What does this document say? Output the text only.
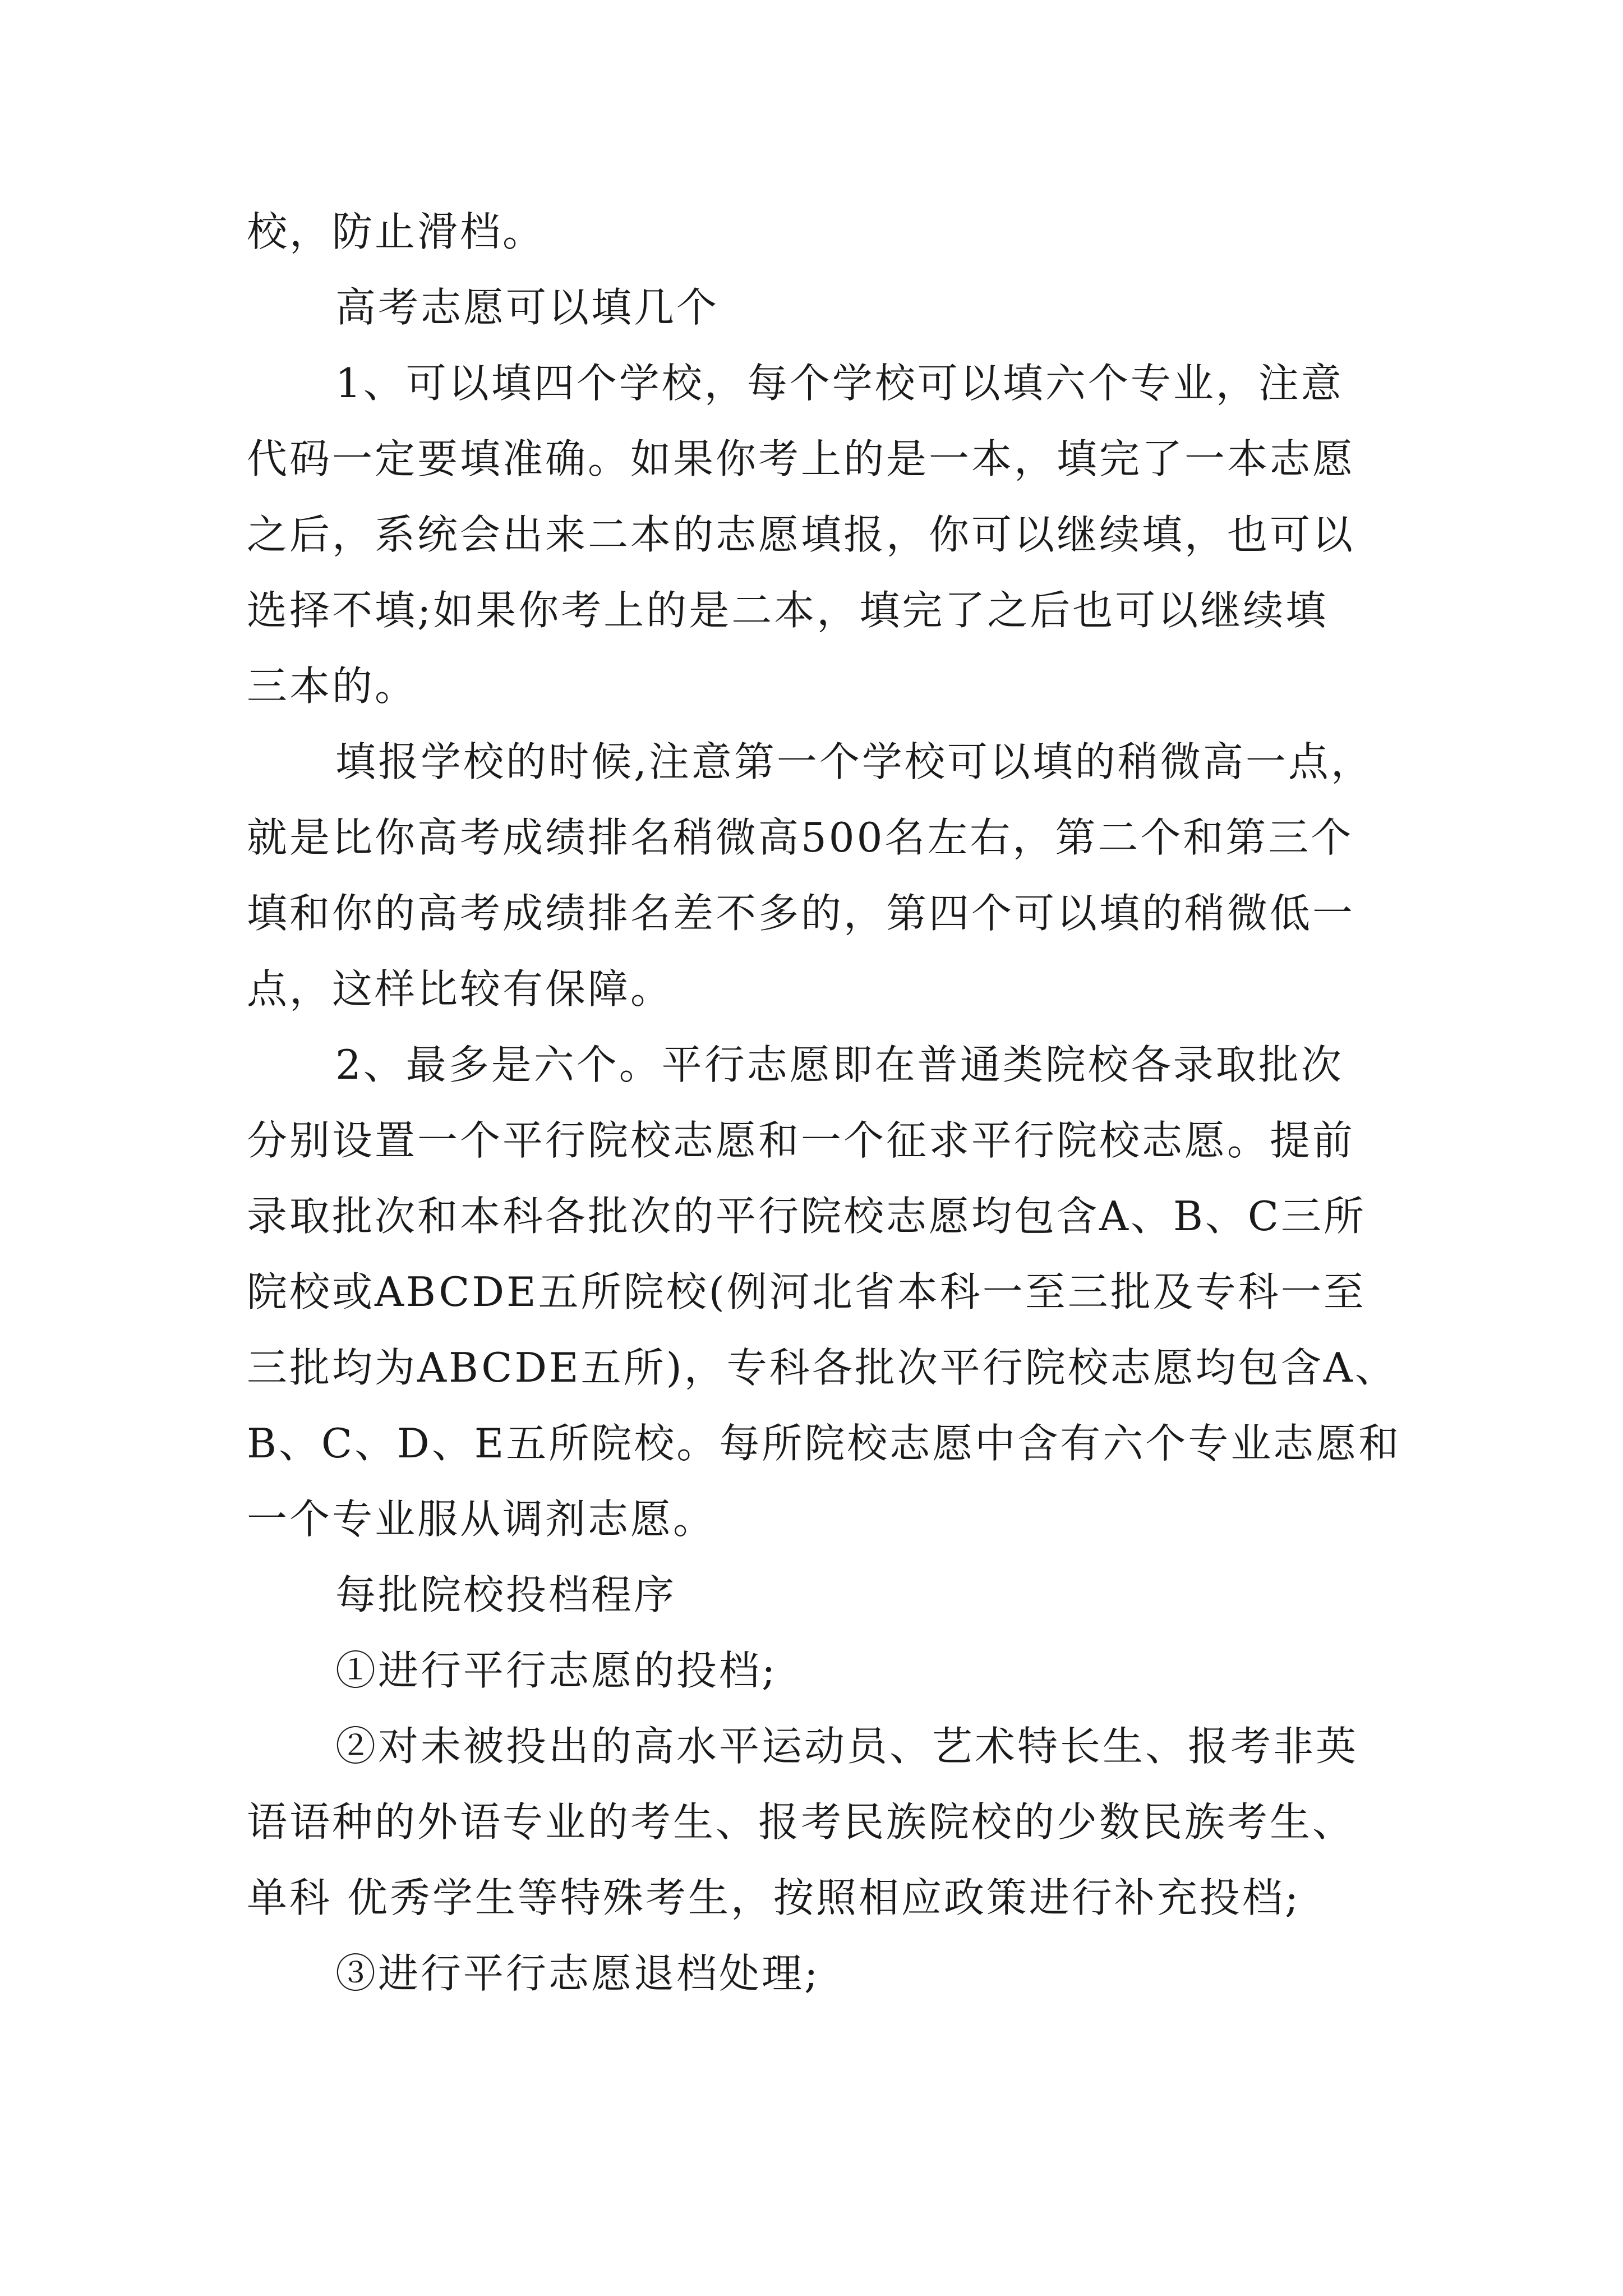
校，防止滑档。

高考志愿可以填几个

1、可以填四个学校，每个学校可以填六个专业，注意

代码一定要填准确。如果你考上的是一本，填完了一本志愿

之后，系统会出来二本的志愿填报，你可以继续填，也可以

选择不填;如果你考上的是二本，填完了之后也可以继续填

三本的。

填报学校的时候,注意第一个学校可以填的稍微高一点，

就是比你高考成绩排名稍微高500名左右，第二个和第三个

填和你的高考成绩排名差不多的，第四个可以填的稍微低一

点，这样比较有保障。

2、最多是六个。平行志愿即在普通类院校各录取批次

分别设置一个平行院校志愿和一个征求平行院校志愿。提前

录取批次和本科各批次的平行院校志愿均包含A、B、C三所

院校或ABCDE五所院校(例河北省本科一至三批及专科一至

三批均为ABCDE五所)，专科各批次平行院校志愿均包含A、

B、C、D、E五所院校。每所院校志愿中含有六个专业志愿和

一个专业服从调剂志愿。

每批院校投档程序

①进行平行志愿的投档;

②对未被投出的高水平运动员、艺术特长生、报考非英

语语种的外语专业的考生、报考民族院校的少数民族考生、

单科 优秀学生等特殊考生，按照相应政策进行补充投档;

③进行平行志愿退档处理;
